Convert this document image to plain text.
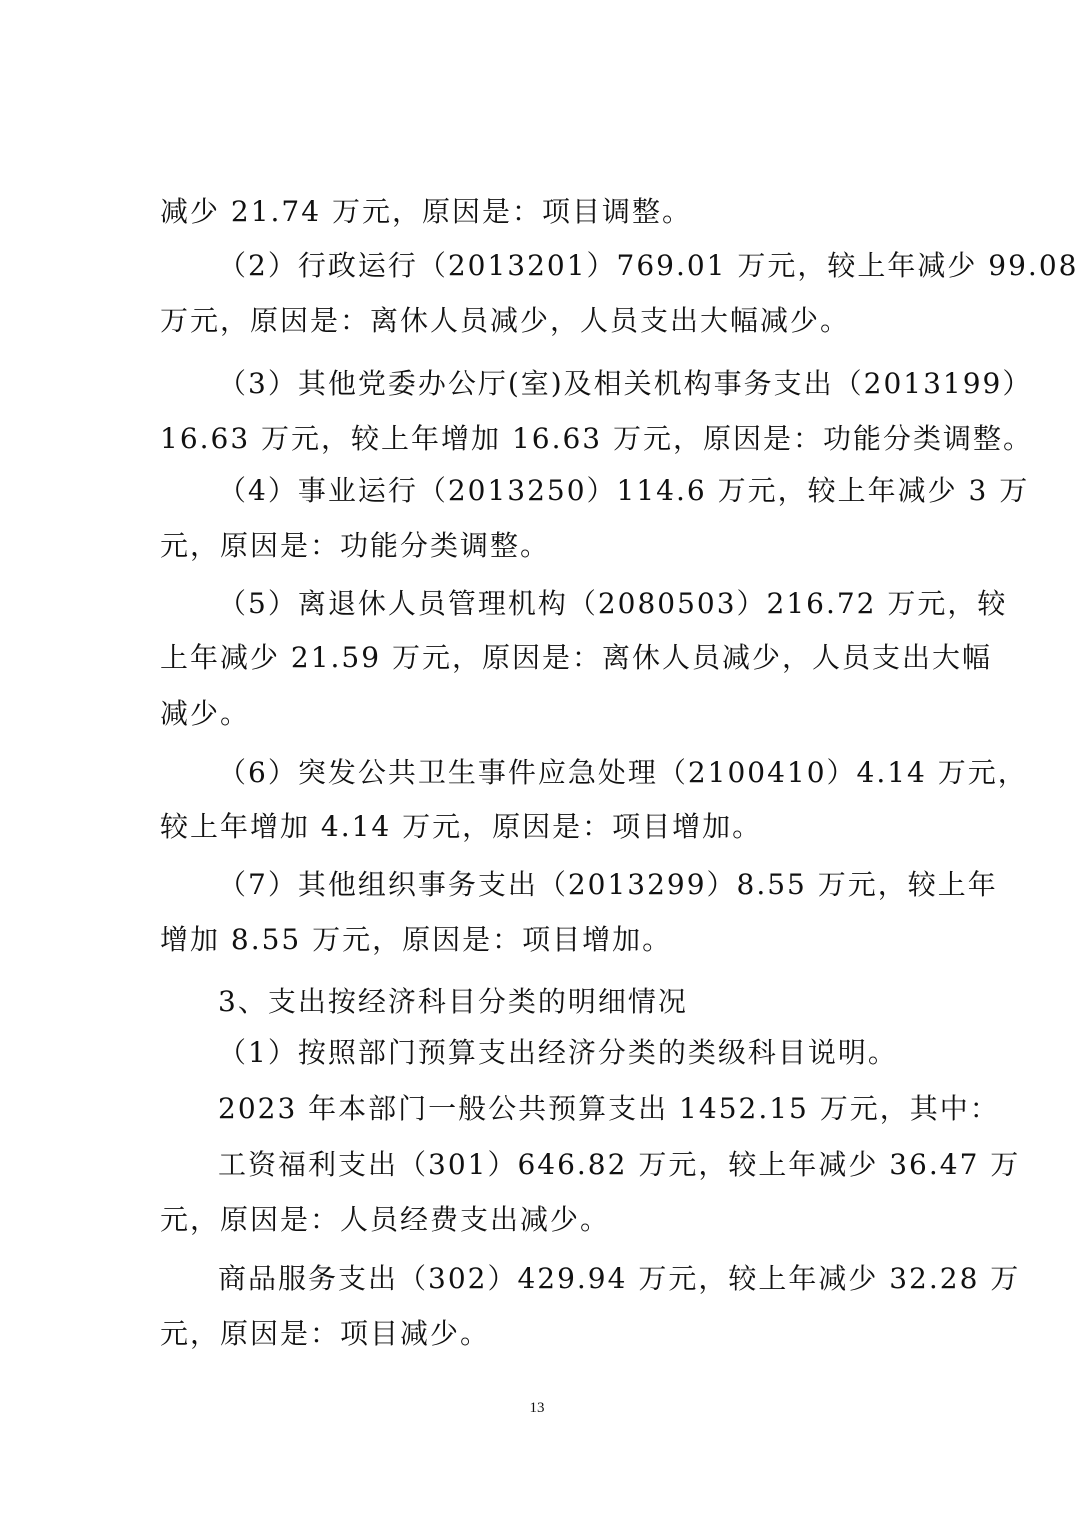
减少 21.74 万元，原因是：项目调整。
（2）行政运行（2013201）769.01 万元，较上年减少 99.08
万元，原因是：离休人员减少，人员支出大幅减少。
（3）其他党委办公厅(室)及相关机构事务支出（2013199）
16.63 万元，较上年增加 16.63 万元，原因是：功能分类调整。
（4）事业运行（2013250）114.6 万元，较上年减少 3 万
元，原因是：功能分类调整。
（5）离退休人员管理机构（2080503）216.72 万元，较
上年减少 21.59 万元，原因是：离休人员减少，人员支出大幅
减少。
（6）突发公共卫生事件应急处理（2100410）4.14 万元，
较上年增加 4.14 万元，原因是：项目增加。
（7）其他组织事务支出（2013299）8.55 万元，较上年
增加 8.55 万元，原因是：项目增加。
3、支出按经济科目分类的明细情况
（1）按照部门预算支出经济分类的类级科目说明。
2023 年本部门一般公共预算支出 1452.15 万元，其中：
工资福利支出（301）646.82 万元，较上年减少 36.47 万
元，原因是：人员经费支出减少。
商品服务支出（302）429.94 万元，较上年减少 32.28 万
元，原因是：项目减少。
13
